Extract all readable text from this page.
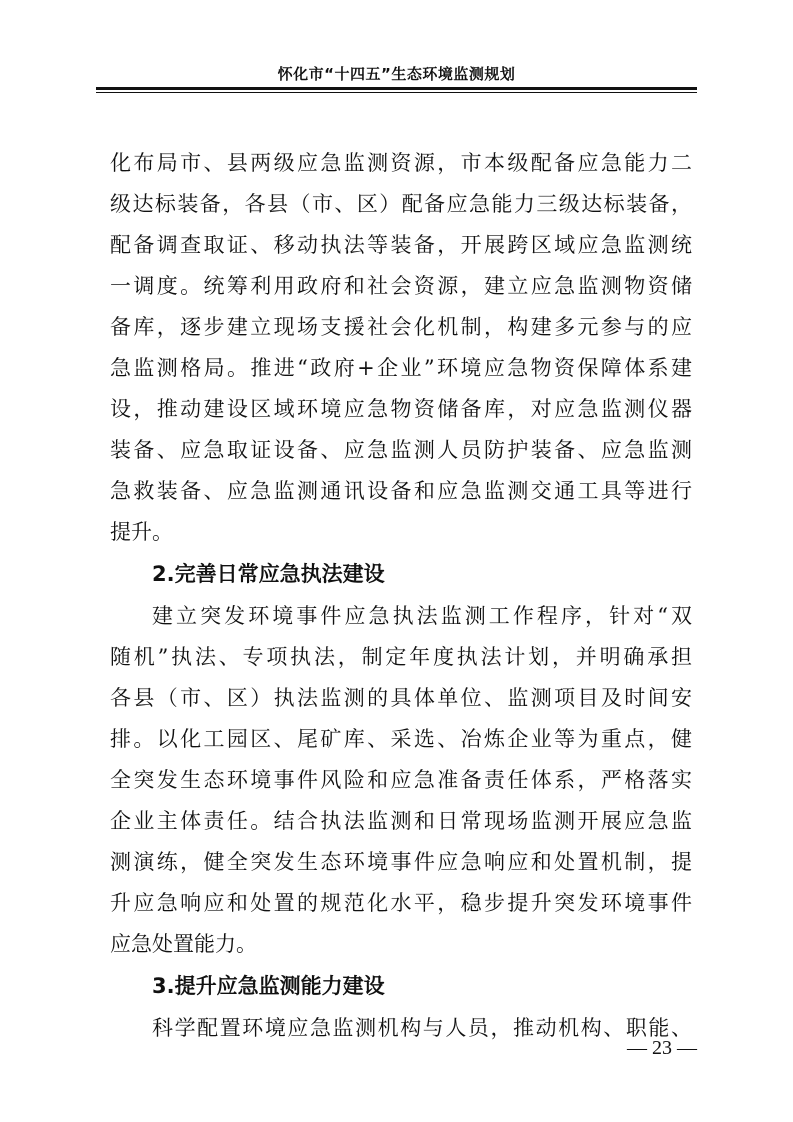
怀化市“十四五”生态环境监测规划
化布局市、县两级应急监测资源，市本级配备应急能力二
级达标装备，各县（市、区）配备应急能力三级达标装备，
配备调查取证、移动执法等装备，开展跨区域应急监测统
一调度。统筹利用政府和社会资源，建立应急监测物资储
备库，逐步建立现场支援社会化机制，构建多元参与的应
急监测格局。推进“政府+企业”环境应急物资保障体系建
设，推动建设区域环境应急物资储备库，对应急监测仪器
装备、应急取证设备、应急监测人员防护装备、应急监测
急救装备、应急监测通讯设备和应急监测交通工具等进行
提升。
2.完善日常应急执法建设
建立突发环境事件应急执法监测工作程序，针对“双
随机”执法、专项执法，制定年度执法计划，并明确承担
各县（市、区）执法监测的具体单位、监测项目及时间安
排。以化工园区、尾矿库、采选、冶炼企业等为重点，健
全突发生态环境事件风险和应急准备责任体系，严格落实
企业主体责任。结合执法监测和日常现场监测开展应急监
测演练，健全突发生态环境事件应急响应和处置机制，提
升应急响应和处置的规范化水平，稳步提升突发环境事件
应急处置能力。
3.提升应急监测能力建设
科学配置环境应急监测机构与人员，推动机构、职能、
— 23 —
